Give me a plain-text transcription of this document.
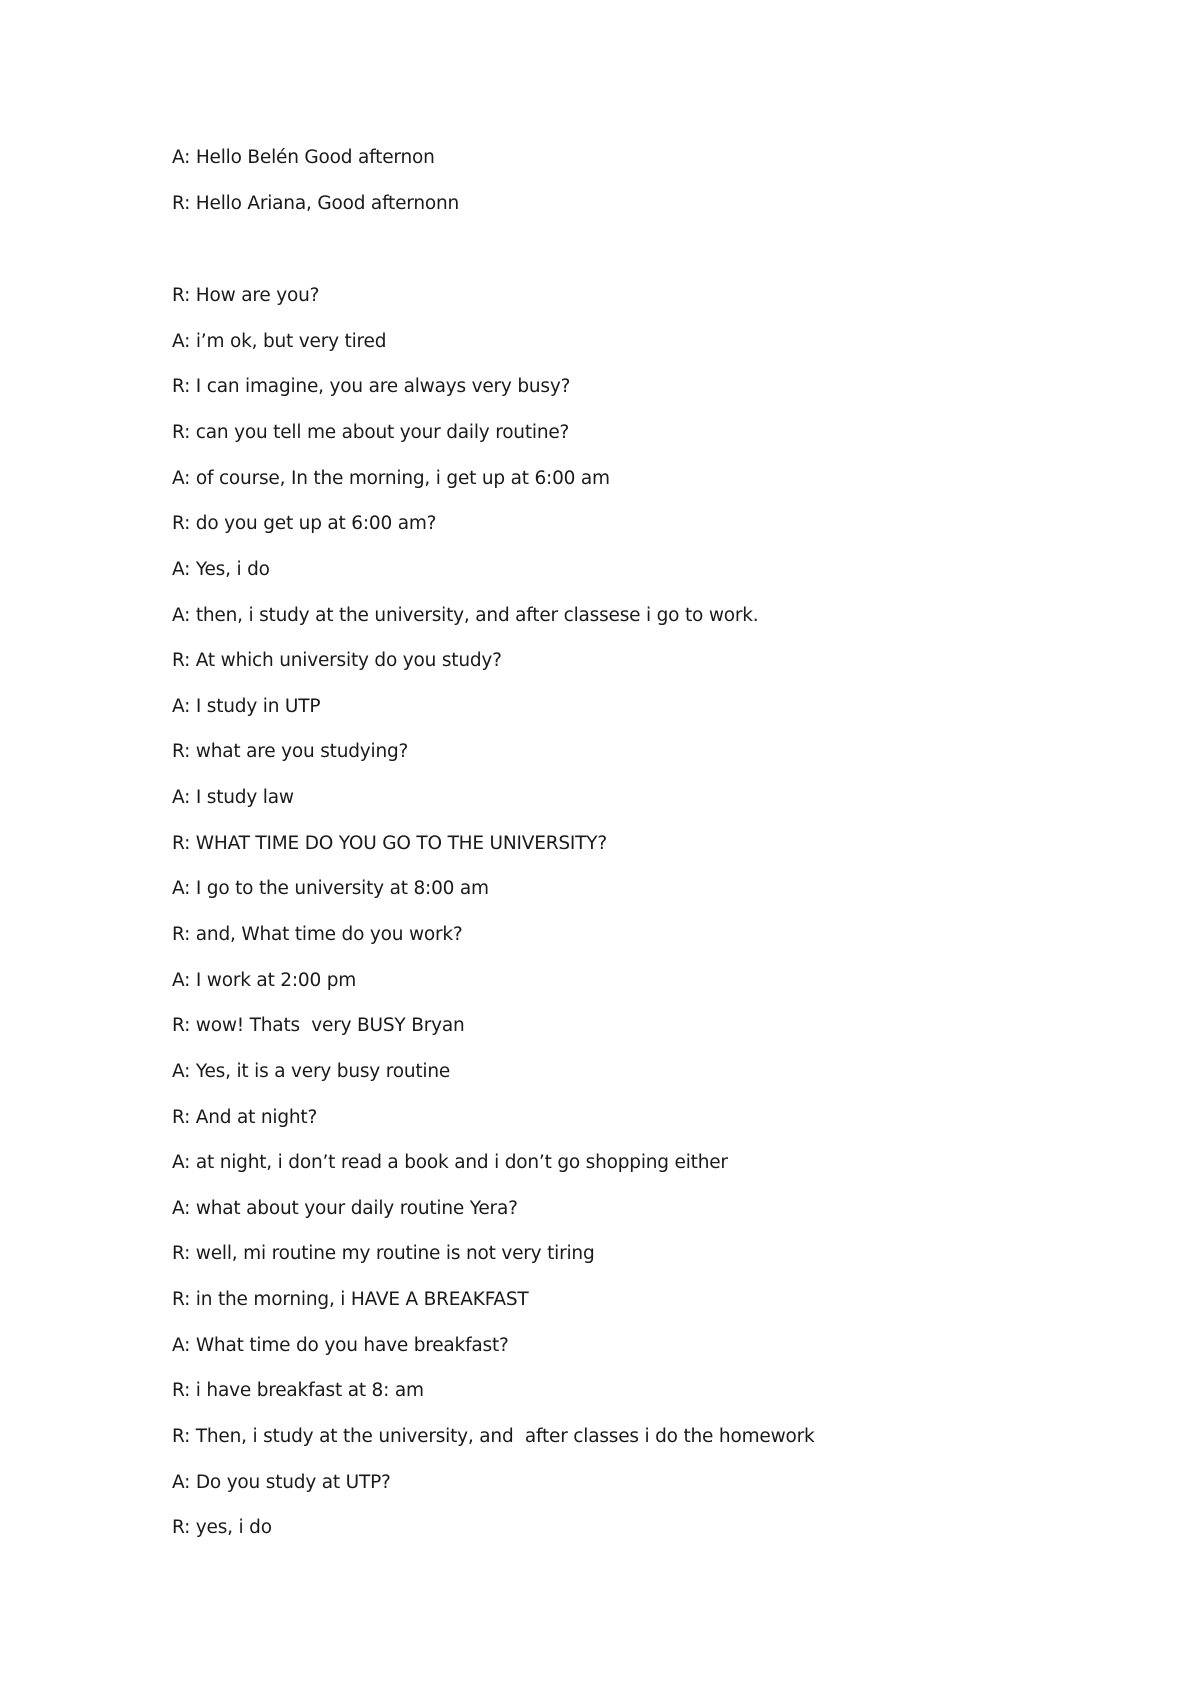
A: Hello Belén Good afternon
R: Hello Ariana, Good afternonn
R: How are you?
A: i’m ok, but very tired
R: I can imagine, you are always very busy?
R: can you tell me about your daily routine?
A: of course, In the morning, i get up at 6:00 am
R: do you get up at 6:00 am?
A: Yes, i do
A: then, i study at the university, and after classese i go to work.
R: At which university do you study?
A: I study in UTP
R: what are you studying?
A: I study law
R: WHAT TIME DO YOU GO TO THE UNIVERSITY?
A: I go to the university at 8:00 am
R: and, What time do you work?
A: I work at 2:00 pm
R: wow! Thats  very BUSY Bryan
A: Yes, it is a very busy routine
R: And at night?
A: at night, i don’t read a book and i don’t go shopping either
A: what about your daily routine Yera?
R: well, mi routine my routine is not very tiring
R: in the morning, i HAVE A BREAKFAST
A: What time do you have breakfast?
R: i have breakfast at 8: am
R: Then, i study at the university, and  after classes i do the homework
A: Do you study at UTP?
R: yes, i do
